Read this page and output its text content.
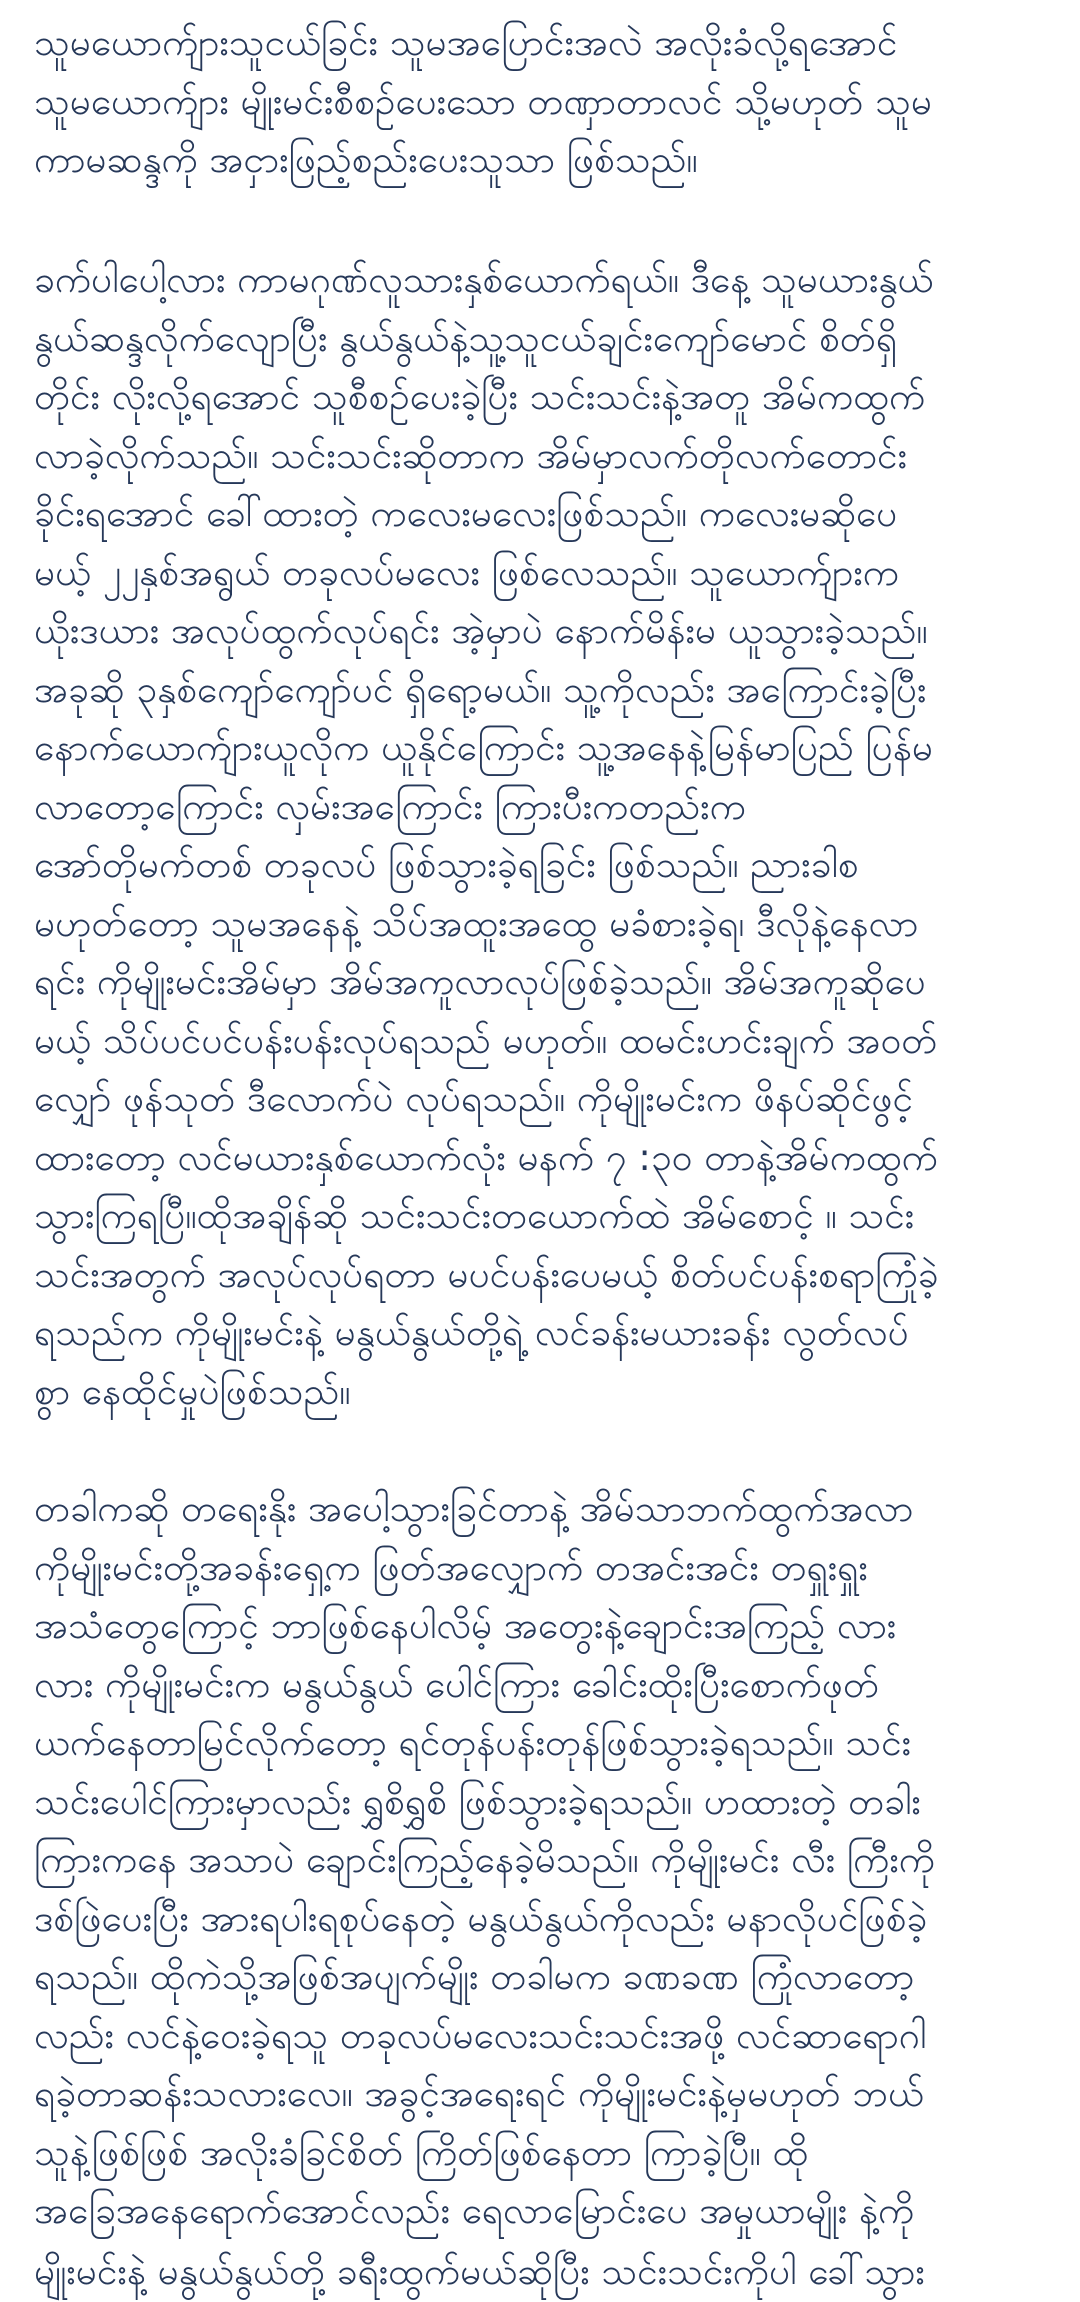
သူမယောက်ျားသူငယ်ခြင်း သူမအပြောင်းအလဲ အလိုးခံလို့ရအောင်
သူမယောက်ျား မျိုးမင်းစီစဉ်ပေးသော တဏှာတာလင် သို့မဟုတ် သူမ
ကာမဆန္ဒကို အငှားဖြည့်စည်းပေးသူသာ ဖြစ်သည်။
ခက်ပါပေါ့လား ကာမဂုဏ်လူသားနှစ်ယောက်ရယ်။ ဒီနေ့ သူမယားနွယ်
နွယ်ဆန္ဒလိုက်လျောပြီး နွယ်နွယ်နဲ့သူ့သူငယ်ချင်းကျော်မောင် စိတ်ရှိ
တိုင်း လိုးလို့ရအောင် သူစီစဉ်ပေးခဲ့ပြီး သင်းသင်းနဲ့အတူ အိမ်ကထွက်
လာခဲ့လိုက်သည်။ သင်းသင်းဆိုတာက အိမ်မှာလက်တိုလက်တောင်း
ခိုင်းရအောင် ခေါ်ထားတဲ့ ကလေးမလေးဖြစ်သည်။ ကလေးမဆိုပေ
မယ့် ၂၂နှစ်အရွယ် တခုလပ်မလေး ဖြစ်လေသည်။ သူယောက်ျားက
ယိုးဒယား အလုပ်ထွက်လုပ်ရင်း အဲ့မှာပဲ နောက်မိန်းမ ယူသွားခဲ့သည်။
အခုဆို ၃နှစ်ကျော်ကျော်ပင် ရှိရော့မယ်။ သူ့ကိုလည်း အကြောင်းခဲ့ပြီး
နောက်ယောက်ျားယူလိုက ယူနိုင်ကြောင်း သူ့အနေနဲ့မြန်မာပြည် ပြန်မ
လာတော့ကြောင်း လှမ်းအကြောင်း ကြားပီးကတည်းက
အော်တိုမက်တစ် တခုလပ် ဖြစ်သွားခဲ့ရခြင်း ဖြစ်သည်။ ညားခါစ
မဟုတ်တော့ သူမအနေနဲ့ သိပ်အထူးအထွေ မခံစားခဲ့ရ၊ ဒီလိုနဲ့နေလာ
ရင်း ကိုမျိုးမင်းအိမ်မှာ အိမ်အကူလာလုပ်ဖြစ်ခဲ့သည်။ အိမ်အကူဆိုပေ
မယ့် သိပ်ပင်ပင်ပန်းပန်းလုပ်ရသည် မဟုတ်။ ထမင်းဟင်းချက် အဝတ်
လျှော် ဖုန်သုတ် ဒီလောက်ပဲ လုပ်ရသည်။ ကိုမျိုးမင်းက ဖိနပ်ဆိုင်ဖွင့်
ထားတော့ လင်မယားနှစ်ယောက်လုံး မနက် ၇ :၃၀ တာနဲ့အိမ်ကထွက်
သွားကြရပြီ။ထိုအချိန်ဆို သင်းသင်းတယောက်ထဲ အိမ်စောင့် ။ သင်း
သင်းအတွက် အလုပ်လုပ်ရတာ မပင်ပန်းပေမယ့် စိတ်ပင်ပန်းစရာကြုံခဲ့
ရသည်က ကိုမျိုးမင်းနဲ့ မနွယ်နွယ်တို့ရဲ့ လင်ခန်းမယားခန်း လွတ်လပ်
စွာ နေထိုင်မှုပဲဖြစ်သည်။
တခါကဆို တရေးနိုး အပေါ့သွားခြင်တာနဲ့ အိမ်သာဘက်ထွက်အလာ
ကိုမျိုးမင်းတို့အခန်းရှေ့က ဖြတ်အလျှောက် တအင်းအင်း တရှူးရှူး
အသံတွေကြောင့် ဘာဖြစ်နေပါလိမ့် အတွေးနဲ့ချောင်းအကြည့် လား
လား ကိုမျိုးမင်းက မနွယ်နွယ် ပေါင်ကြား ခေါင်းထိုးပြီးစောက်ဖုတ်
ယက်နေတာမြင်လိုက်တော့ ရင်တုန်ပန်းတုန်ဖြစ်သွားခဲ့ရသည်။ သင်း
သင်းပေါင်ကြားမှာလည်း ရွှစိရွှစိ ဖြစ်သွားခဲ့ရသည်။ ဟထားတဲ့ တခါး
ကြားကနေ အသာပဲ ချောင်းကြည့်နေခဲ့မိသည်။ ကိုမျိုးမင်း လီး ကြီးကို
ဒစ်ဖြဲပေးပြီး အားရပါးရစုပ်နေတဲ့ မနွယ်နွယ်ကိုလည်း မနာလိုပင်ဖြစ်ခဲ့
ရသည်။ ထိုကဲသို့အဖြစ်အပျက်မျိုး တခါမက ခဏခဏ ကြုံလာတော့
လည်း လင်နဲ့ဝေးခဲ့ရသူ တခုလပ်မလေးသင်းသင်းအဖို့ လင်ဆာရောဂါ
ရခဲ့တာဆန်းသလားလေ။ အခွင့်အရေးရင် ကိုမျိုးမင်းနဲ့မှမဟုတ် ဘယ်
သူနဲ့ဖြစ်ဖြစ် အလိုးခံခြင်စိတ် ကြိတ်ဖြစ်နေတာ ကြာခဲ့ပြီ။ ထို
အခြေအနေရောက်အောင်လည်း ရေလာမြောင်းပေ အမှုယာမျိုး နဲ့ကို
မျိုးမင်းနဲ့ မနွယ်နွယ်တို့ ခရီးထွက်မယ်ဆိုပြီး သင်းသင်းကိုပါ ခေါ်သွား
